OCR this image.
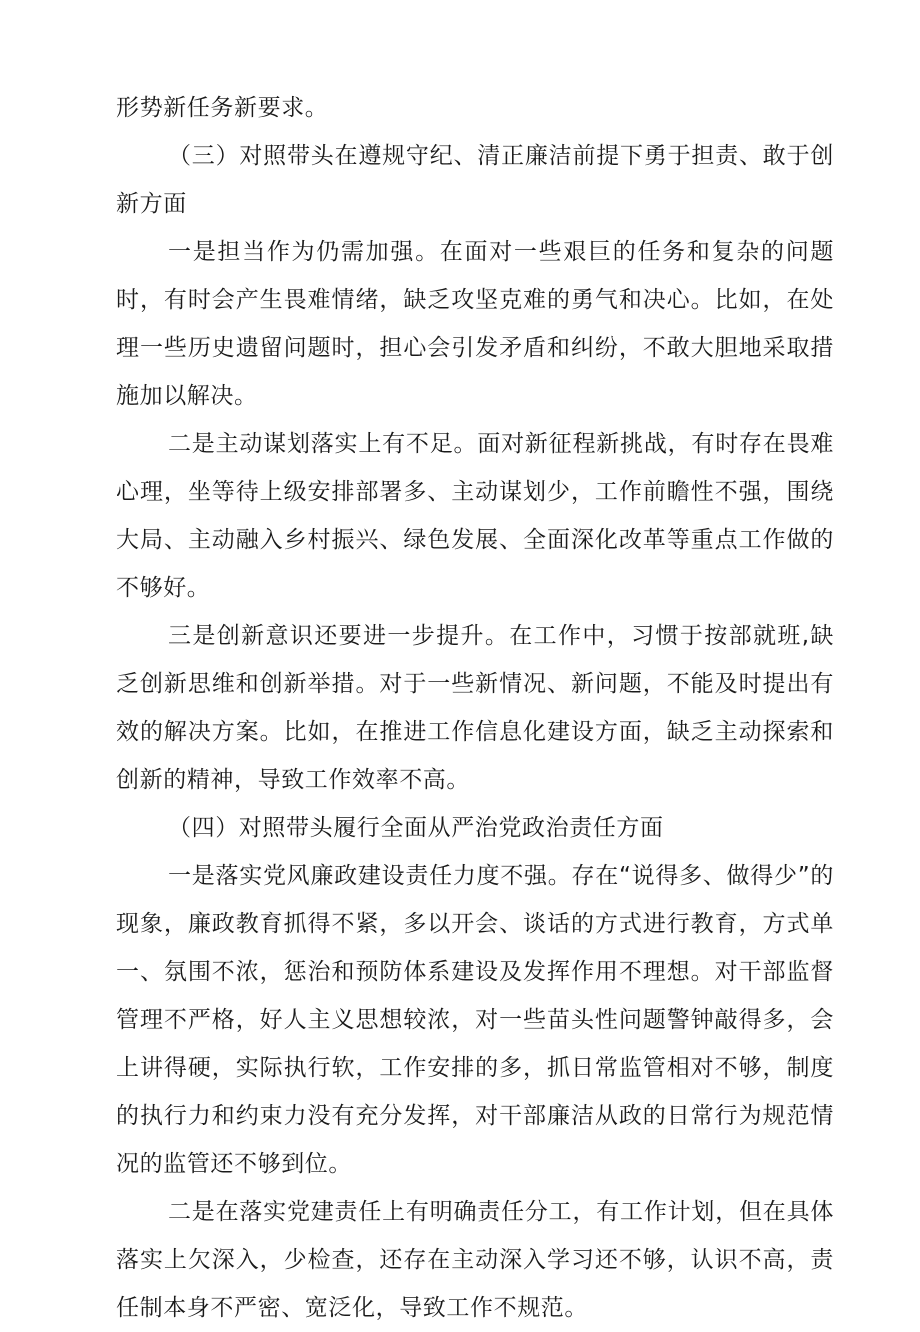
形势新任务新要求。

（三）对照带头在遵规守纪、清正廉洁前提下勇于担责、敢于创新方面

一是担当作为仍需加强。在面对一些艰巨的任务和复杂的问题时，有时会产生畏难情绪，缺乏攻坚克难的勇气和决心。比如，在处理一些历史遗留问题时，担心会引发矛盾和纠纷，不敢大胆地采取措施加以解决。

二是主动谋划落实上有不足。面对新征程新挑战，有时存在畏难心理，坐等待上级安排部署多、主动谋划少，工作前瞻性不强，围绕大局、主动融入乡村振兴、绿色发展、全面深化改革等重点工作做的不够好。

三是创新意识还要进一步提升。在工作中，习惯于按部就班,缺乏创新思维和创新举措。对于一些新情况、新问题，不能及时提出有效的解决方案。比如，在推进工作信息化建设方面，缺乏主动探索和创新的精神，导致工作效率不高。

（四）对照带头履行全面从严治党政治责任方面

一是落实党风廉政建设责任力度不强。存在“说得多、做得少”的现象，廉政教育抓得不紧，多以开会、谈话的方式进行教育，方式单一、氛围不浓，惩治和预防体系建设及发挥作用不理想。对干部监督管理不严格，好人主义思想较浓，对一些苗头性问题警钟敲得多，会上讲得硬，实际执行软，工作安排的多，抓日常监管相对不够，制度的执行力和约束力没有充分发挥，对干部廉洁从政的日常行为规范情况的监管还不够到位。

二是在落实党建责任上有明确责任分工，有工作计划，但在具体落实上欠深入，少检查，还存在主动深入学习还不够，认识不高，责任制本身不严密、宽泛化，导致工作不规范。
